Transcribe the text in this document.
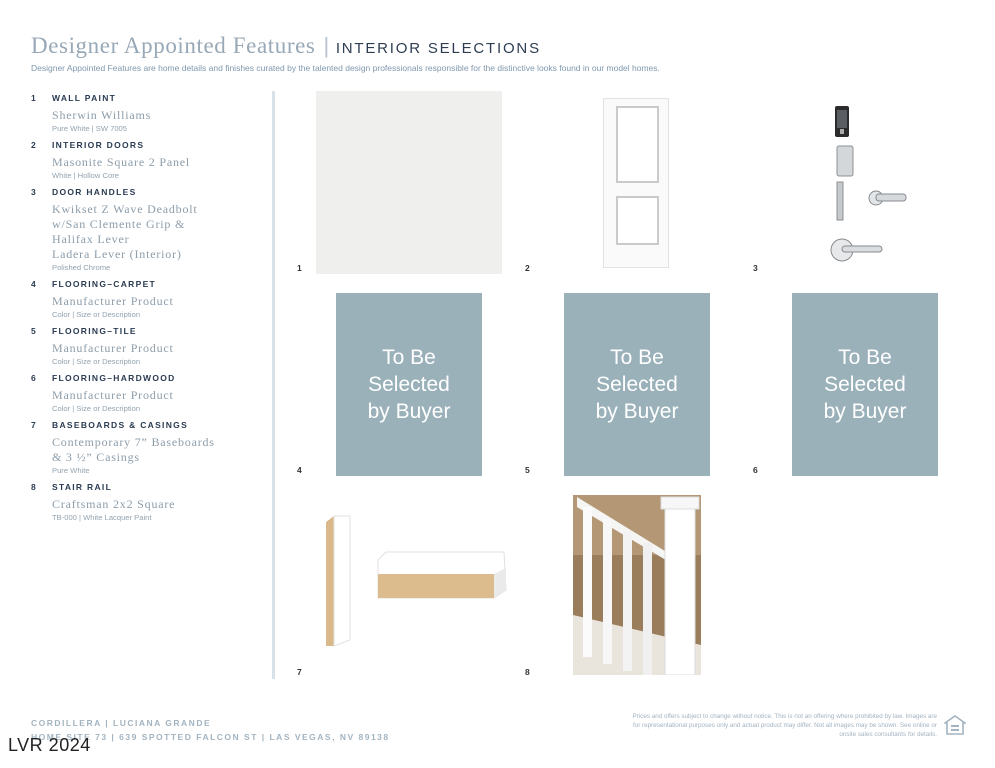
Designer Appointed Features | INTERIOR SELECTIONS
Designer Appointed Features are home details and finishes curated by the talented design professionals responsible for the distinctive looks found in our model homes.
1 WALL PAINT
Sherwin Williams
Pure White | SW 7005
2 INTERIOR DOORS
Masonite Square 2 Panel
White | Hollow Core
3 DOOR HANDLES
Kwikset Z Wave Deadbolt
w/San Clemente Grip &
Halifax Lever
Ladera Lever (Interior)
Polished Chrome
4 FLOORING–CARPET
Manufacturer Product
Color | Size or Description
5 FLOORING–TILE
Manufacturer Product
Color | Size or Description
6 FLOORING–HARDWOOD
Manufacturer Product
Color | Size or Description
7 BASEBOARDS & CASINGS
Contemporary 7” Baseboards
& 3 ½” Casings
Pure White
8 STAIR RAIL
Craftsman 2x2 Square
TB-000 | White Lacquer Paint
1	2	3
To Be
Selected
by Buyer
4
To Be
Selected
by Buyer
5
To Be
Selected
by Buyer
6
7	8
CORDILLERA | LUCIANA GRANDE
HOME SITE 73 | 639 SPOTTED FALCON ST | LAS VEGAS, NV 89138
Prices and offers subject to change without notice. This is not an offering where prohibited by law. Images are for representational purposes only and actual product may differ. Not all images may be shown. See online or onsite sales consultants for details.
LVR 2024
